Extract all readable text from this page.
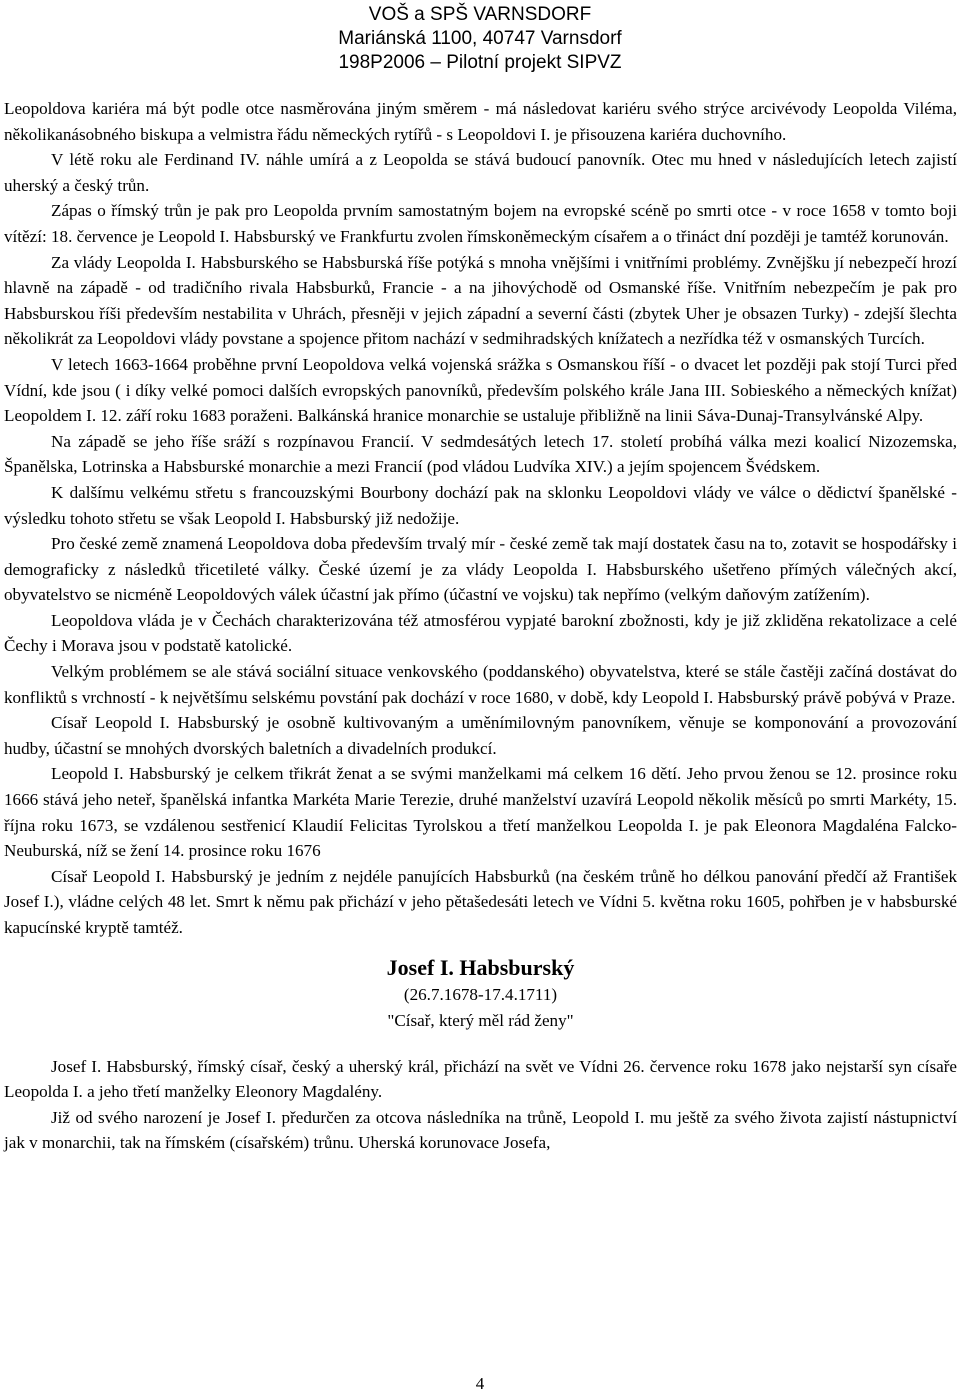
VOŠ a SPŠ VARNSDORF
Mariánská 1100, 40747 Varnsdorf
198P2006 – Pilotní projekt SIPVZ

Leopoldova kariéra má být podle otce nasměrována jiným směrem - má následovat kariéru svého strýce arcivévody Leopolda Viléma, několikanásobného biskupa a velmistra řádu německých rytířů - s Leopoldovi I. je přisouzena kariéra duchovního.

V létě roku ale Ferdinand IV. náhle umírá a z Leopolda se stává budoucí panovník. Otec mu hned v následujících letech zajistí uherský a český trůn.

Zápas o římský trůn je pak pro Leopolda prvním samostatným bojem na evropské scéně po smrti otce - v roce 1658 v tomto boji vítězí: 18. července je Leopold I. Habsburský ve Frankfurtu zvolen římskoněmeckým císařem a o třináct dní později je tamtéž korunován.

Za vlády Leopolda I. Habsburského se Habsburská říše potýká s mnoha vnějšími i vnitřními problémy. Zvnějšku jí nebezpečí hrozí hlavně na západě - od tradičního rivala Habsburků, Francie - a na jihovýchodě od Osmanské říše. Vnitřním nebezpečím je pak pro Habsburskou říši především nestabilita v Uhrách, přesněji v jejich západní a severní části (zbytek Uher je obsazen Turky) - zdejší šlechta několikrát za Leopoldovi vlády povstane a spojence přitom nachází v sedmihradských knížatech a nezřídka též v osmanských Turcích.

V letech 1663-1664 proběhne první Leopoldova velká vojenská srážka s Osmanskou říší - o dvacet let později pak stojí Turci před Vídní, kde jsou ( i díky velké pomoci dalších evropských panovníků, především polského krále Jana III. Sobieského a německých knížat) Leopoldem I. 12. září roku 1683 poraženi. Balkánská hranice monarchie se ustaluje přibližně na linii Sáva-Dunaj-Transylvánské Alpy.

Na západě se jeho říše sráží s rozpínavou Francií. V sedmdesátých letech 17. století probíhá válka mezi koalicí Nizozemska, Španělska, Lotrinska a Habsburské monarchie a mezi Francií (pod vládou Ludvíka XIV.) a jejím spojencem Švédskem.

K dalšímu velkému střetu s francouzskými Bourbony dochází pak na sklonku Leopoldovi vlády ve válce o dědictví španělské - výsledku tohoto střetu se však Leopold I. Habsburský již nedožije.

Pro české země znamená Leopoldova doba především trvalý mír - české země tak mají dostatek času na to, zotavit se hospodářsky i demograficky z následků třicetileté války. České území je za vlády Leopolda I. Habsburského ušetřeno přímých válečných akcí, obyvatelstvo se nicméně Leopoldových válek účastní jak přímo (účastní ve vojsku) tak nepřímo (velkým daňovým zatížením).

Leopoldova vláda je v Čechách charakterizována též atmosférou vypjaté barokní zbožnosti, kdy je již zkliděna rekatolizace a celé Čechy i Morava jsou v podstatě katolické.

Velkým problémem se ale stává sociální situace venkovského (poddanského) obyvatelstva, které se stále častěji začíná dostávat do konfliktů s vrchností - k největšímu selskému povstání pak dochází v roce 1680, v době, kdy Leopold I. Habsburský právě pobývá v Praze.

Císař Leopold I. Habsburský je osobně kultivovaným a uměnímilovným panovníkem, věnuje se komponování a provozování hudby, účastní se mnohých dvorských baletních a divadelních produkcí.

Leopold I. Habsburský je celkem třikrát ženat a se svými manželkami má celkem 16 dětí. Jeho prvou ženou se 12. prosince roku 1666 stává jeho neteř, španělská infantka Markéta Marie Terezie, druhé manželství uzavírá Leopold několik měsíců po smrti Markéty, 15. října roku 1673, se vzdálenou sestřenicí Klaudií Felicitas Tyrolskou a třetí manželkou Leopolda I. je pak Eleonora Magdaléna Falcko-Neuburská, níž se žení 14. prosince roku 1676

Císař Leopold I. Habsburský je jedním z nejdéle panujících Habsburků (na českém trůně ho délkou panování předčí až František Josef I.), vládne celých 48 let. Smrt k němu pak přichází v jeho pětašedesáti letech ve Vídni 5. května roku 1605, pohřben je v habsburské kapucínské kryptě tamtéž.

Josef I. Habsburský
(26.7.1678-17.4.1711)
"Císař, který měl rád ženy"

Josef I. Habsburský, římský císař, český a uherský král, přichází na svět ve Vídni 26. července roku 1678 jako nejstarší syn císaře Leopolda I. a jeho třetí manželky Eleonory Magdalény.

Již od svého narození je Josef I. předurčen za otcova následníka na trůně, Leopold I. mu ještě za svého života zajistí nástupnictví jak v monarchii, tak na římském (císařském) trůnu. Uherská korunovace Josefa,

4
